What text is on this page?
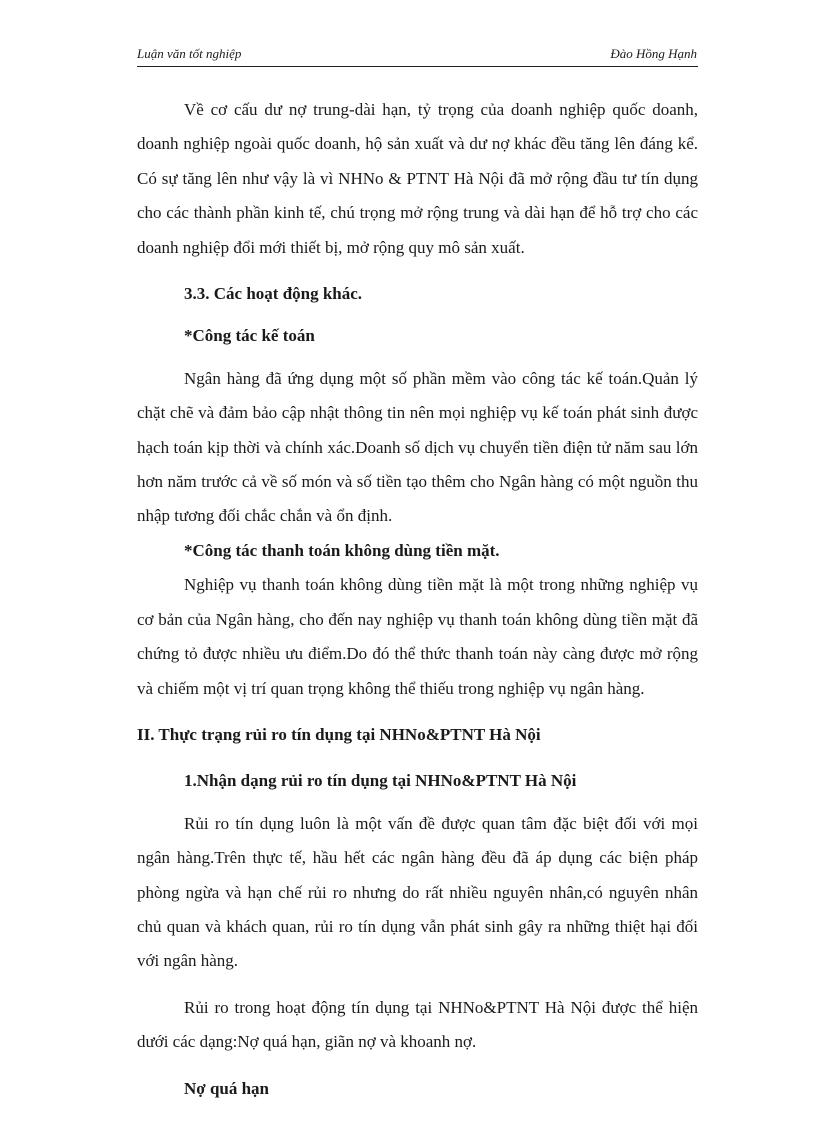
Luận văn tốt nghiệp	Đào Hồng Hạnh

Về cơ cấu dư nợ trung-dài hạn, tỷ trọng của doanh nghiệp quốc doanh, doanh nghiệp ngoài quốc doanh, hộ sản xuất và dư nợ khác đều tăng lên đáng kể. Có sự tăng lên như vậy là vì NHNo & PTNT Hà Nội đã mở rộng đầu tư tín dụng cho các thành phần kinh tế, chú trọng mở rộng trung và dài hạn để hỗ trợ cho các doanh nghiệp đổi mới thiết bị, mở rộng quy mô sản xuất.

3.3. Các hoạt động khác.

*Công tác kế toán

Ngân hàng đã ứng dụng một số phần mềm vào công tác kế toán.Quản lý chặt chẽ và đảm bảo cập nhật thông tin nên mọi nghiệp vụ kế toán phát sinh được hạch toán kịp thời và chính xác.Doanh số dịch vụ chuyển tiền điện tử năm sau lớn hơn năm trước cả về số món và số tiền tạo thêm cho Ngân hàng có một nguồn thu nhập tương đối chắc chắn và ổn định.

*Công tác thanh toán không dùng tiền mặt.

Nghiệp vụ thanh toán không dùng tiền mặt là một trong những nghiệp vụ cơ bản của Ngân hàng, cho đến nay nghiệp vụ thanh toán không dùng tiền mặt đã chứng tỏ được nhiều ưu điểm.Do đó thể thức thanh toán này càng được mở rộng và chiếm một vị trí quan trọng không thể thiếu trong nghiệp vụ ngân hàng.

II. Thực trạng rủi ro tín dụng tại NHNo&PTNT Hà Nội

1.Nhận dạng rủi ro tín dụng tại NHNo&PTNT Hà Nội

Rủi ro tín dụng luôn là một vấn đề được quan tâm đặc biệt đối với mọi ngân hàng.Trên thực tế, hầu hết các ngân hàng đều đã áp dụng các biện pháp phòng ngừa và hạn chế rủi ro nhưng do rất nhiều nguyên nhân,có nguyên nhân chủ quan và khách quan, rủi ro tín dụng vẫn phát sinh gây ra những thiệt hại đối với ngân hàng.

Rủi ro trong hoạt động tín dụng tại NHNo&PTNT Hà Nội được thể hiện dưới các dạng:Nợ quá hạn, giãn nợ và khoanh nợ.

Nợ quá hạn
